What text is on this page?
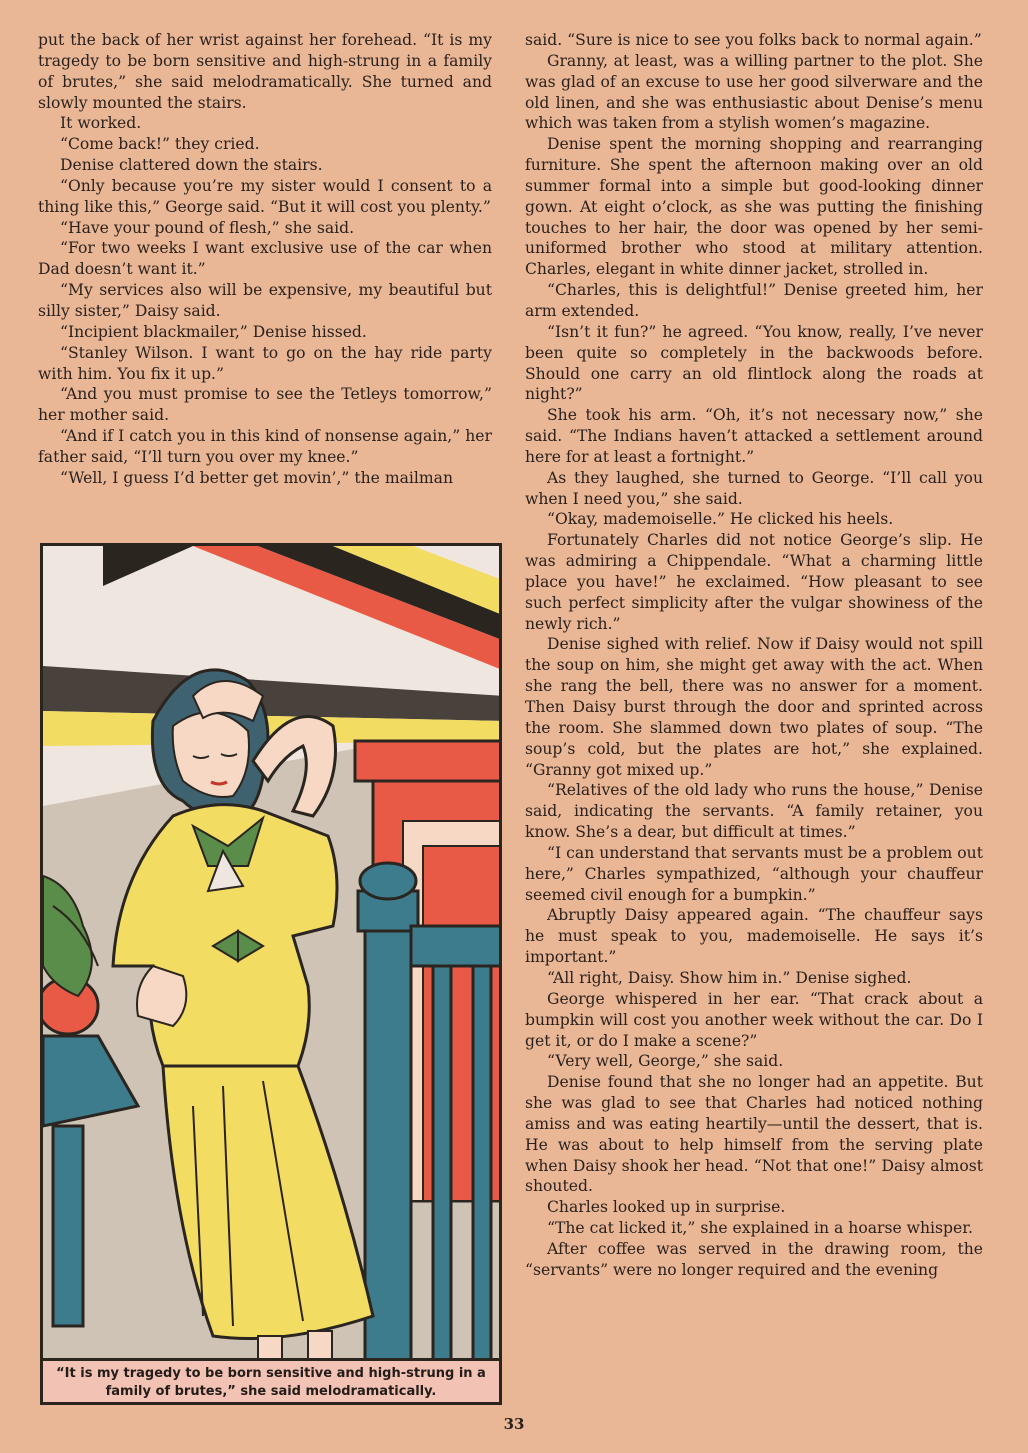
put the back of her wrist against her forehead. “It is my tragedy to be born sensitive and high-strung in a family of brutes,” she said melodramatically. She turned and slowly mounted the stairs.

It worked.

“Come back!” they cried.

Denise clattered down the stairs.

“Only because you’re my sister would I consent to a thing like this,” George said. “But it will cost you plenty.”

“Have your pound of flesh,” she said.

“For two weeks I want exclusive use of the car when Dad doesn’t want it.”

“My services also will be expensive, my beautiful but silly sister,” Daisy said.

“Incipient blackmailer,” Denise hissed.

“Stanley Wilson. I want to go on the hay ride party with him. You fix it up.”

“And you must promise to see the Tetleys tomorrow,” her mother said.

“And if I catch you in this kind of nonsense again,” her father said, “I’ll turn you over my knee.”

“Well, I guess I’d better get movin’,” the mailman

“It is my tragedy to be born sensitive and high-strung in a family of brutes,” she said melodramatically.

said. “Sure is nice to see you folks back to normal again.”

Granny, at least, was a willing partner to the plot. She was glad of an excuse to use her good silverware and the old linen, and she was enthusiastic about Denise’s menu which was taken from a stylish women’s magazine.

Denise spent the morning shopping and rearranging furniture. She spent the afternoon making over an old summer formal into a simple but good-looking dinner gown. At eight o’clock, as she was putting the finishing touches to her hair, the door was opened by her semi-uniformed brother who stood at military attention. Charles, elegant in white dinner jacket, strolled in.

“Charles, this is delightful!” Denise greeted him, her arm extended.

“Isn’t it fun?” he agreed. “You know, really, I’ve never been quite so completely in the backwoods before. Should one carry an old flintlock along the roads at night?”

She took his arm. “Oh, it’s not necessary now,” she said. “The Indians haven’t attacked a settlement around here for at least a fortnight.”

As they laughed, she turned to George. “I’ll call you when I need you,” she said.

“Okay, mademoiselle.” He clicked his heels.

Fortunately Charles did not notice George’s slip. He was admiring a Chippendale. “What a charming little place you have!” he exclaimed. “How pleasant to see such perfect simplicity after the vulgar showiness of the newly rich.”

Denise sighed with relief. Now if Daisy would not spill the soup on him, she might get away with the act. When she rang the bell, there was no answer for a moment. Then Daisy burst through the door and sprinted across the room. She slammed down two plates of soup. “The soup’s cold, but the plates are hot,” she explained. “Granny got mixed up.”

“Relatives of the old lady who runs the house,” Denise said, indicating the servants. “A family retainer, you know. She’s a dear, but difficult at times.”

“I can understand that servants must be a problem out here,” Charles sympathized, “although your chauffeur seemed civil enough for a bumpkin.”

Abruptly Daisy appeared again. “The chauffeur says he must speak to you, mademoiselle. He says it’s important.”

“All right, Daisy. Show him in.” Denise sighed.

George whispered in her ear. “That crack about a bumpkin will cost you another week without the car. Do I get it, or do I make a scene?”

“Very well, George,” she said.

Denise found that she no longer had an appetite. But she was glad to see that Charles had noticed nothing amiss and was eating heartily—until the dessert, that is. He was about to help himself from the serving plate when Daisy shook her head. “Not that one!” Daisy almost shouted.

Charles looked up in surprise.

“The cat licked it,” she explained in a hoarse whisper.

After coffee was served in the drawing room, the “servants” were no longer required and the evening

33
